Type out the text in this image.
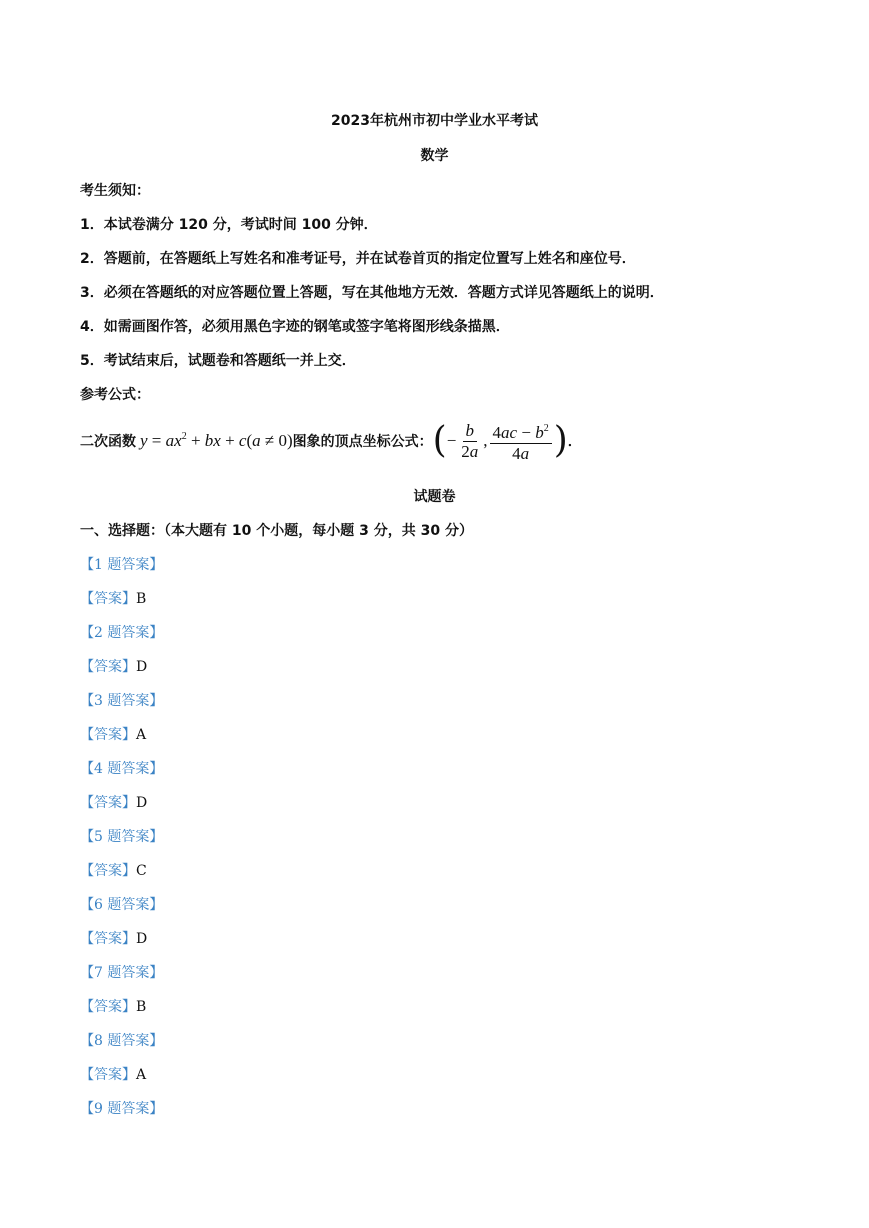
2023年杭州市初中学业水平考试
数学
考生须知：
1．本试卷满分 120 分，考试时间 100 分钟．
2．答题前，在答题纸上写姓名和准考证号，并在试卷首页的指定位置写上姓名和座位号．
3．必须在答题纸的对应答题位置上答题，写在其他地方无效．答题方式详见答题纸上的说明．
4．如需画图作答，必须用黑色字迹的钢笔或签字笔将图形线条描黑．
5．考试结束后，试题卷和答题纸一并上交．
参考公式：
二次函数 $y = ax^2$ + bx + c(a ≠ 0) 图象的顶点坐标公式： ( − $\frac{b}{2a}$ , $\frac{4ac - b^2}{4a}$ ) ．
试题卷
一、选择题：（本大题有 10 个小题，每小题 3 分，共 30 分）
【1 题答案】
【答案】B
【2 题答案】
【答案】D
【3 题答案】
【答案】A
【4 题答案】
【答案】D
【5 题答案】
【答案】C
【6 题答案】
【答案】D
【7 题答案】
【答案】B
【8 题答案】
【答案】A
【9 题答案】
